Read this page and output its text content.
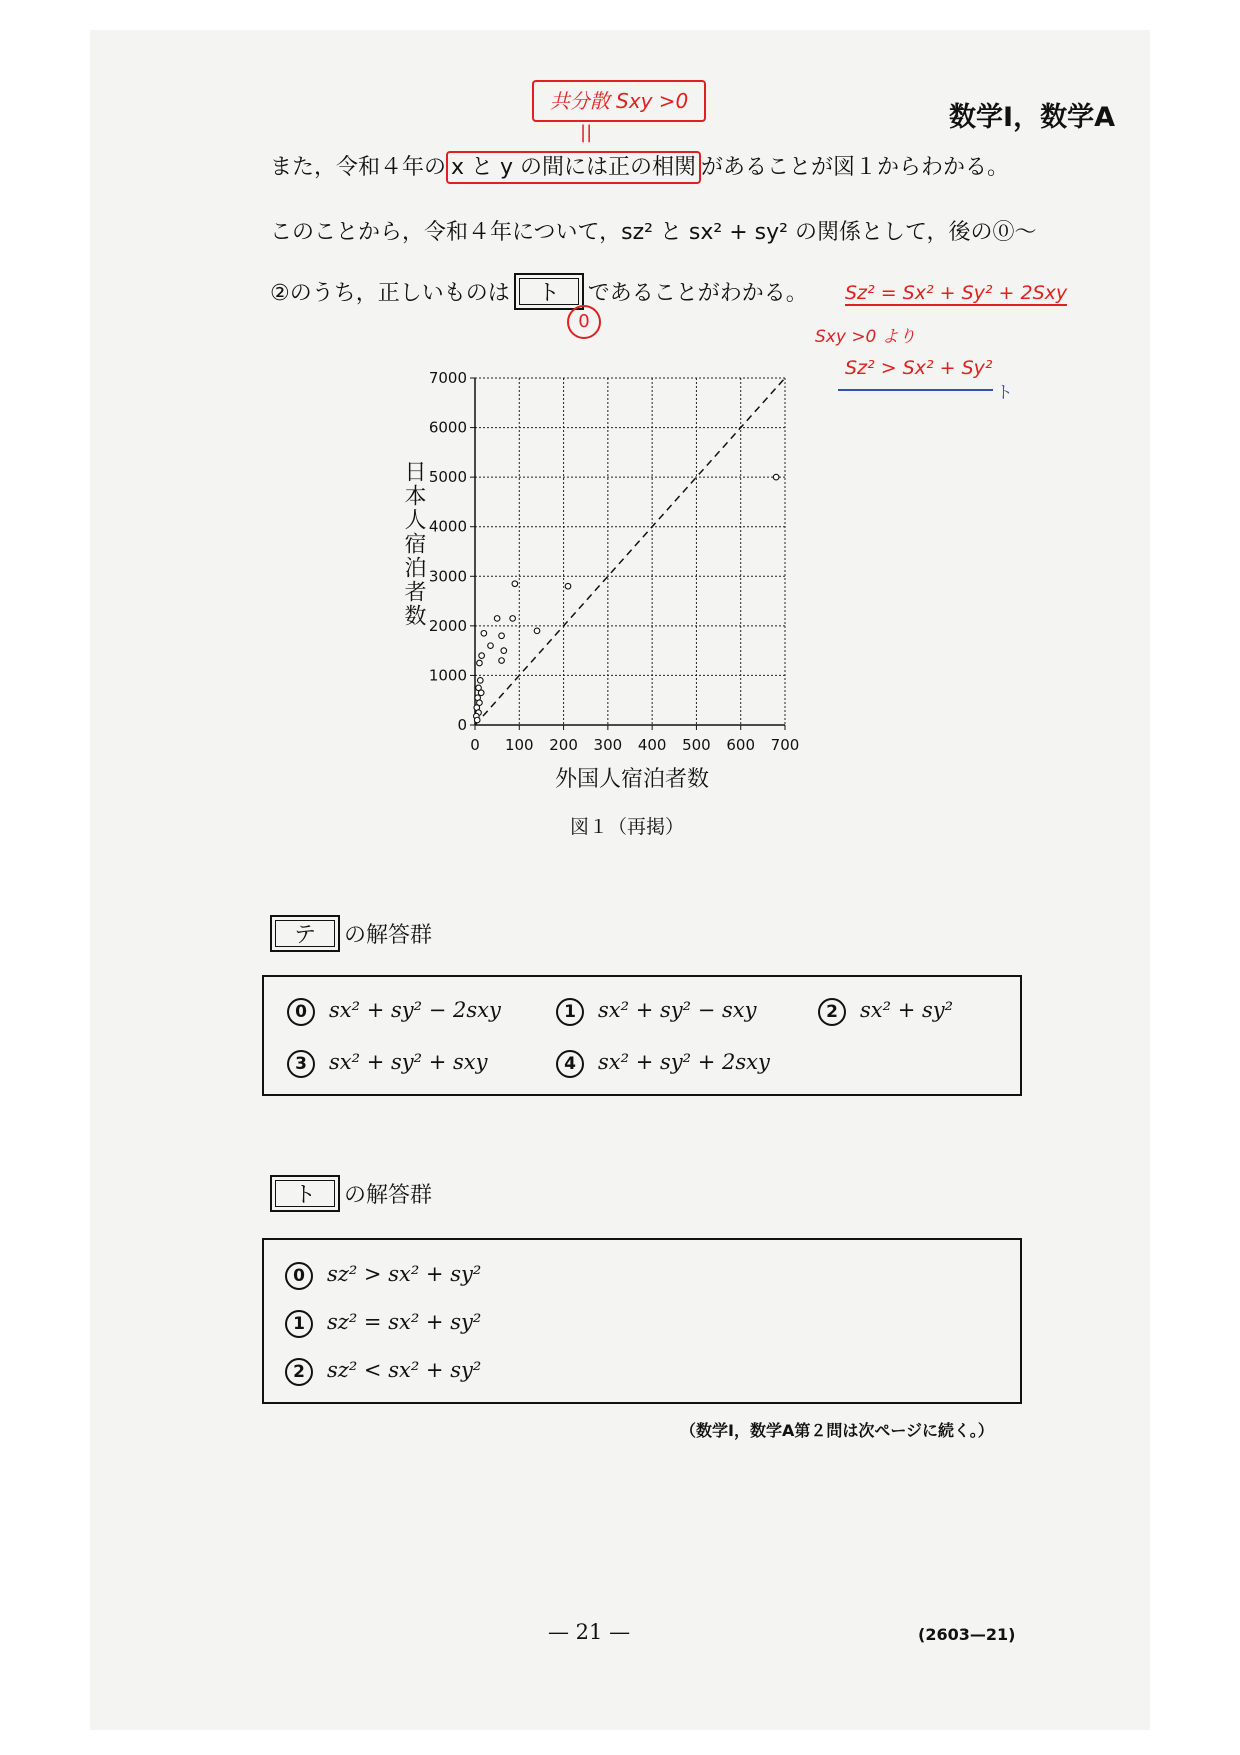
数学Ⅰ，数学A
共分散 Sxy >0
||
また，令和４年の x と y の間には正の相関 があることが図１からわかる。
このことから，令和４年について，sz² と sx² + sy² の関係として，後の⓪～
②のうち，正しいものは ト であることがわかる。
0
Sz² = Sx² + Sy² + 2Sxy
Sxy >0 より
Sz² > Sx² + Sy²
ト
0 100 200 300 400 500 600 700
0
1000
2000
3000
4000
5000
6000
7000
日本人宿泊者数
外国人宿泊者数
図１（再掲）
テ の解答群
0 sx² + sy² − 2sxy	1 sx² + sy² − sxy	2 sx² + sy²
3 sx² + sy² + sxy	4 sx² + sy² + 2sxy
ト の解答群
0 sz² > sx² + sy²
1 sz² = sx² + sy²
2 sz² < sx² + sy²
（数学Ⅰ，数学A第２問は次ページに続く。）
— 21 —	(2603—21)
